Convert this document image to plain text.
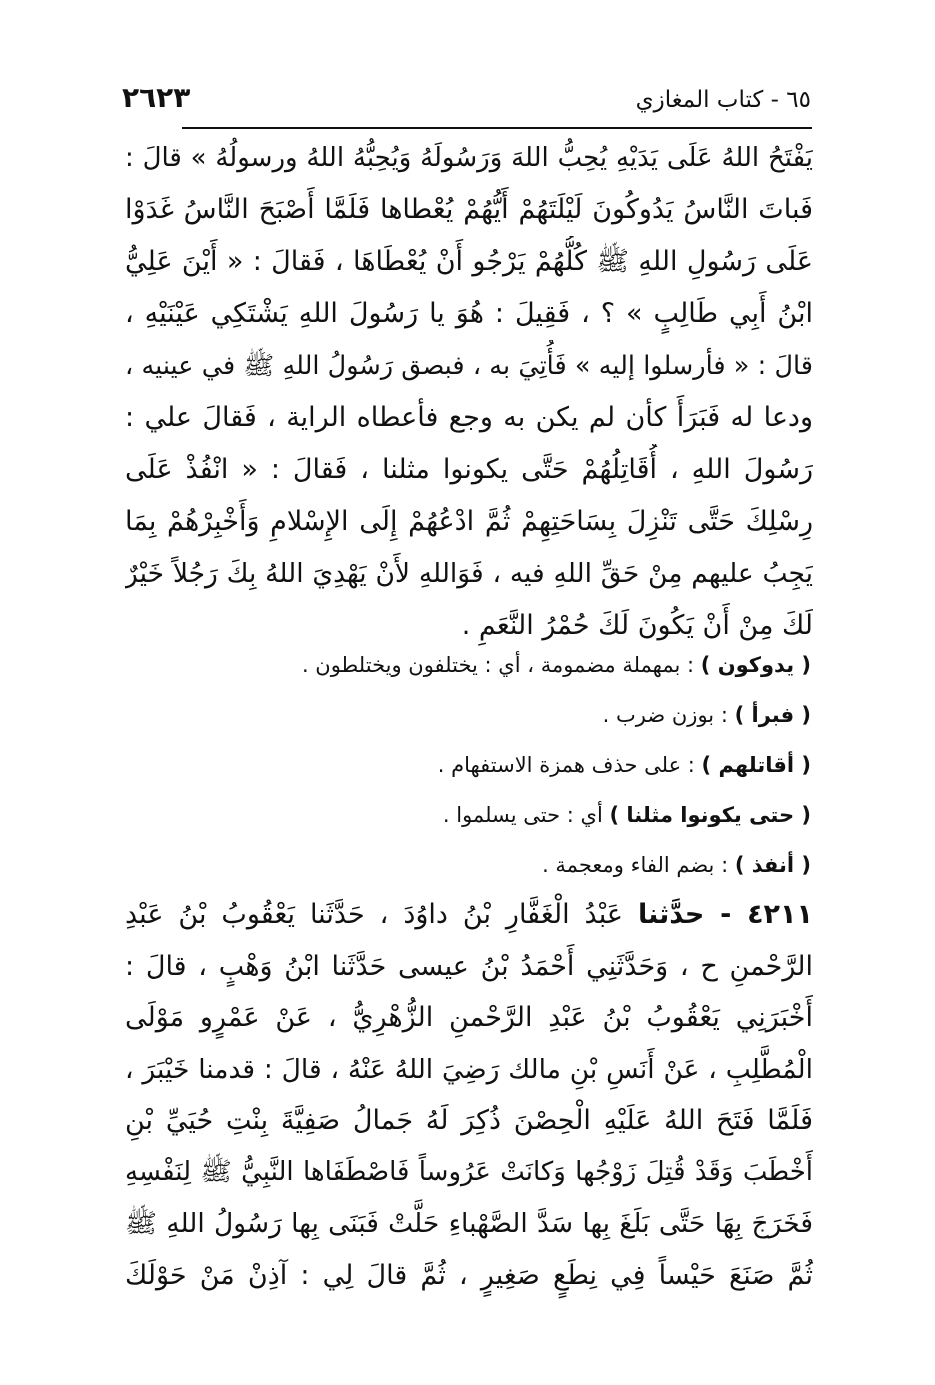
٢٦٢٣	٦٥ - كتاب المغازي
يَفْتَحُ اللهُ عَلَى يَدَيْهِ يُحِبُّ اللهَ وَرَسُولَهُ وَيُحِبُّهُ اللهُ ورسولُهُ » قالَ :
فَباتَ النَّاسُ يَدُوكُونَ لَيْلَتَهُمْ أَيُّهُمْ يُعْطاها فَلَمَّا أَصْبَحَ النَّاسُ غَدَوْا
عَلَى رَسُولِ اللهِ ﷺ كُلُّهُمْ يَرْجُو أَنْ يُعْطَاهَا ، فَقالَ : « أَيْنَ عَلِيُّ
ابْنُ أَبِي طَالِبٍ » ؟ ، فَقِيلَ : هُوَ يا رَسُولَ اللهِ يَشْتَكِي عَيْنَيْهِ ،
قالَ : « فأرسلوا إليه » فَأُتِيَ به ، فبصق رَسُولُ اللهِ ﷺ في عينيه ،
ودعا له فَبَرَأَ كأن لم يكن به وجع فأعطاه الراية ، فَقالَ علي :
رَسُولَ اللهِ ، أُقَاتِلُهُمْ حَتَّى يكونوا مثلنا ، فَقالَ : « انْفُذْ عَلَى
رِسْلِكَ حَتَّى تَنْزِلَ بِسَاحَتِهِمْ ثُمَّ ادْعُهُمْ إِلَى الإِسْلامِ وَأَخْبِرْهُمْ بِمَا
يَجِبُ عليهم مِنْ حَقِّ اللهِ فيه ، فَوَاللهِ لأَنْ يَهْدِيَ اللهُ بِكَ رَجُلاً خَيْرٌ
لَكَ مِنْ أَنْ يَكُونَ لَكَ حُمْرُ النَّعَمِ .
( يدوكون ) : بمهملة مضمومة ، أي : يختلفون ويختلطون .
( فبرأ ) : بوزن ضرب .
( أقاتلهم ) : على حذف همزة الاستفهام .
( حتى يكونوا مثلنا ) أي : حتى يسلموا .
( أنفذ ) : بضم الفاء ومعجمة .
٤٢١١ - حدَّثنا عَبْدُ الْغَفَّارِ بْنُ داوُدَ ، حَدَّثَنا يَعْقُوبُ بْنُ عَبْدِ
الرَّحْمنِ ح ، وَحَدَّثَنِي أَحْمَدُ بْنُ عيسى حَدَّثَنا ابْنُ وَهْبٍ ، قالَ :
أَخْبَرَنِي يَعْقُوبُ بْنُ عَبْدِ الرَّحْمنِ الزُّهْرِيُّ ، عَنْ عَمْرٍو مَوْلَى
الْمُطَّلِبِ ، عَنْ أَنَسِ بْنِ مالك رَضِيَ اللهُ عَنْهُ ، قالَ : قدمنا خَيْبَرَ ،
فَلَمَّا فَتَحَ اللهُ عَلَيْهِ الْحِصْنَ ذُكِرَ لَهُ جَمالُ صَفِيَّةَ بِنْتِ حُيَيِّ بْنِ
أَخْطَبَ وَقَدْ قُتِلَ زَوْجُها وَكانَتْ عَرُوساً فَاصْطَفَاها النَّبِيُّ ﷺ لِنَفْسِهِ
فَخَرَجَ بِهَا حَتَّى بَلَغَ بِها سَدَّ الصَّهْباءِ حَلَّتْ فَبَنَى بِها رَسُولُ اللهِ ﷺ
ثُمَّ صَنَعَ حَيْساً فِي نِطَعٍ صَغِيرٍ ، ثُمَّ قالَ لِي : آذِنْ مَنْ حَوْلَكَ
